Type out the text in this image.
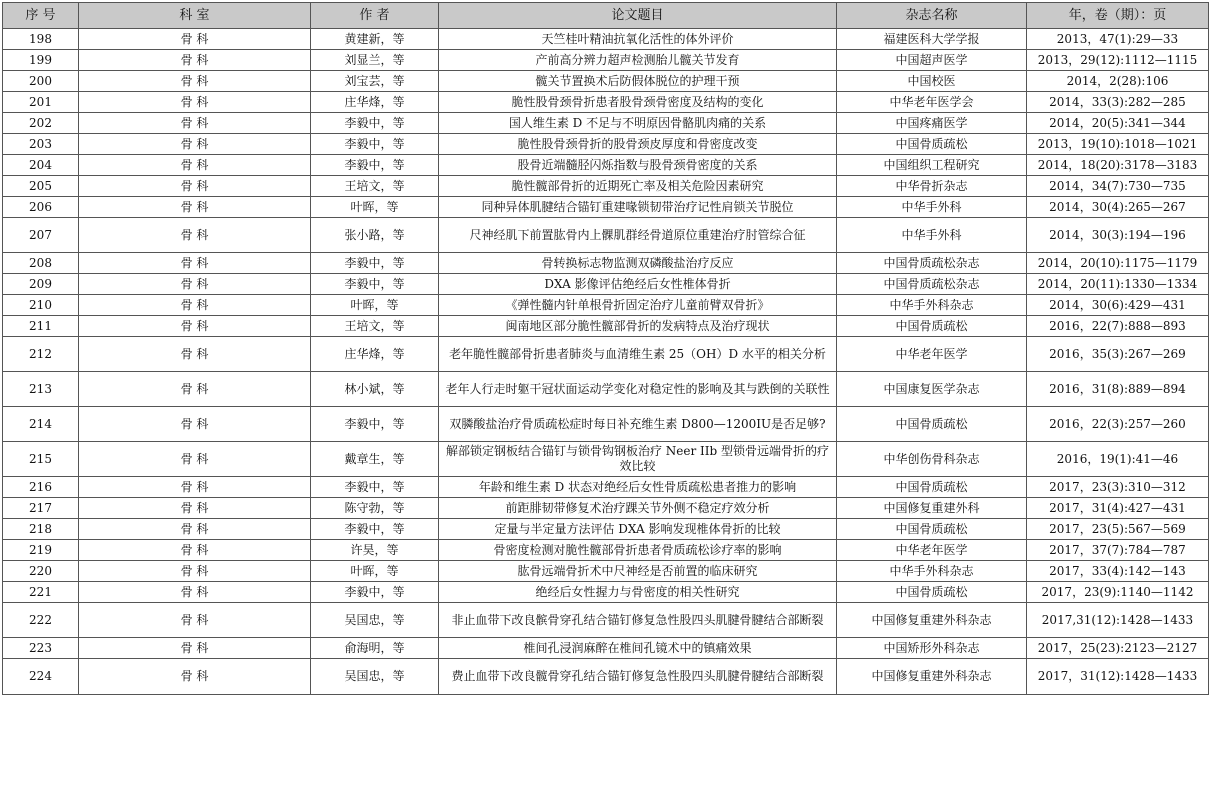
序 号	科 室	作 者	论文题目	杂志名称	年，卷（期）：页
198	骨 科	黄建新，等	天竺桂叶精油抗氧化活性的体外评价	福建医科大学学报	2013，47(1):29—33
199	骨 科	刘显兰，等	产前高分辨力超声检测胎儿髋关节发育	中国超声医学	2013，29(12):1112—1115
200	骨 科	刘宝芸，等	髋关节置换术后防假体脱位的护理干预	中国校医	2014，2(28):106
201	骨 科	庄华烽，等	脆性股骨颈骨折患者股骨颈骨密度及结构的变化	中华老年医学会	2014，33(3):282—285
202	骨 科	李毅中，等	国人维生素 D 不足与不明原因骨骼肌肉痛的关系	中国疼痛医学	2014，20(5):341—344
203	骨 科	李毅中，等	脆性股骨颈骨折的股骨颈皮厚度和骨密度改变	中国骨质疏松	2013，19(10):1018—1021
204	骨 科	李毅中，等	股骨近端髓胫闪烁指数与股骨颈骨密度的关系	中国组织工程研究	2014，18(20):3178—3183
205	骨 科	王培文，等	脆性髋部骨折的近期死亡率及相关危险因素研究	中华骨折杂志	2014，34(7):730—735
206	骨 科	叶晖，等	同种异体肌腱结合锚钉重建喙锁韧带治疗记性肩锁关节脱位	中华手外科	2014，30(4):265—267
207	骨 科	张小路，等	尺神经肌下前置肱骨内上髁肌群经骨道原位重建治疗肘管综合征	中华手外科	2014，30(3):194—196
208	骨 科	李毅中，等	骨转换标志物监测双磷酸盐治疗反应	中国骨质疏松杂志	2014，20(10):1175—1179
209	骨 科	李毅中，等	DXA 影像评估绝经后女性椎体骨折	中国骨质疏松杂志	2014，20(11):1330—1334
210	骨 科	叶晖，等	《弹性髓内针单根骨折固定治疗儿童前臂双骨折》	中华手外科杂志	2014，30(6):429—431
211	骨 科	王培文，等	闽南地区部分脆性髋部骨折的发病特点及治疗现状	中国骨质疏松	2016，22(7):888—893
212	骨 科	庄华烽，等	老年脆性髋部骨折患者肺炎与血清维生素 25（OH）D 水平的相关分析	中华老年医学	2016，35(3):267—269
213	骨 科	林小斌，等	老年人行走时躯干冠状面运动学变化对稳定性的影响及其与跌倒的关联性	中国康复医学杂志	2016，31(8):889—894
214	骨 科	李毅中，等	双膦酸盐治疗骨质疏松症时每日补充维生素 D800—1200IU是否足够?	中国骨质疏松	2016，22(3):257—260
215	骨 科	戴章生，等	解部锁定钢板结合锚钉与锁骨钩钢板治疗 Neer IIb 型锁骨远端骨折的疗效比较	中华创伤骨科杂志	2016，19(1):41—46
216	骨 科	李毅中，等	年龄和维生素 D 状态对绝经后女性骨质疏松患者推力的影响	中国骨质疏松	2017，23(3):310—312
217	骨 科	陈守勃，等	前距腓韧带修复术治疗踝关节外侧不稳定疗效分析	中国修复重建外科	2017，31(4):427—431
218	骨 科	李毅中，等	定量与半定量方法评估 DXA 影响发现椎体骨折的比较	中国骨质疏松	2017，23(5):567—569
219	骨 科	许昊，等	骨密度检测对脆性髋部骨折患者骨质疏松诊疗率的影响	中华老年医学	2017，37(7):784—787
220	骨 科	叶晖，等	肱骨远端骨折术中尺神经是否前置的临床研究	中华手外科杂志	2017，33(4):142—143
221	骨 科	李毅中，等	绝经后女性握力与骨密度的相关性研究	中国骨质疏松	2017，23(9):1140—1142
222	骨 科	吴国忠，等	非止血带下改良髌骨穿孔结合锚钉修复急性股四头肌腱骨腱结合部断裂	中国修复重建外科杂志	2017,31(12):1428—1433
223	骨 科	俞海明，等	椎间孔浸润麻醉在椎间孔镜术中的镇痛效果	中国矫形外科杂志	2017，25(23):2123—2127
224	骨 科	吴国忠，等	费止血带下改良髋骨穿孔结合锚钉修复急性股四头肌腱骨腱结合部断裂	中国修复重建外科杂志	2017，31(12):1428—1433
